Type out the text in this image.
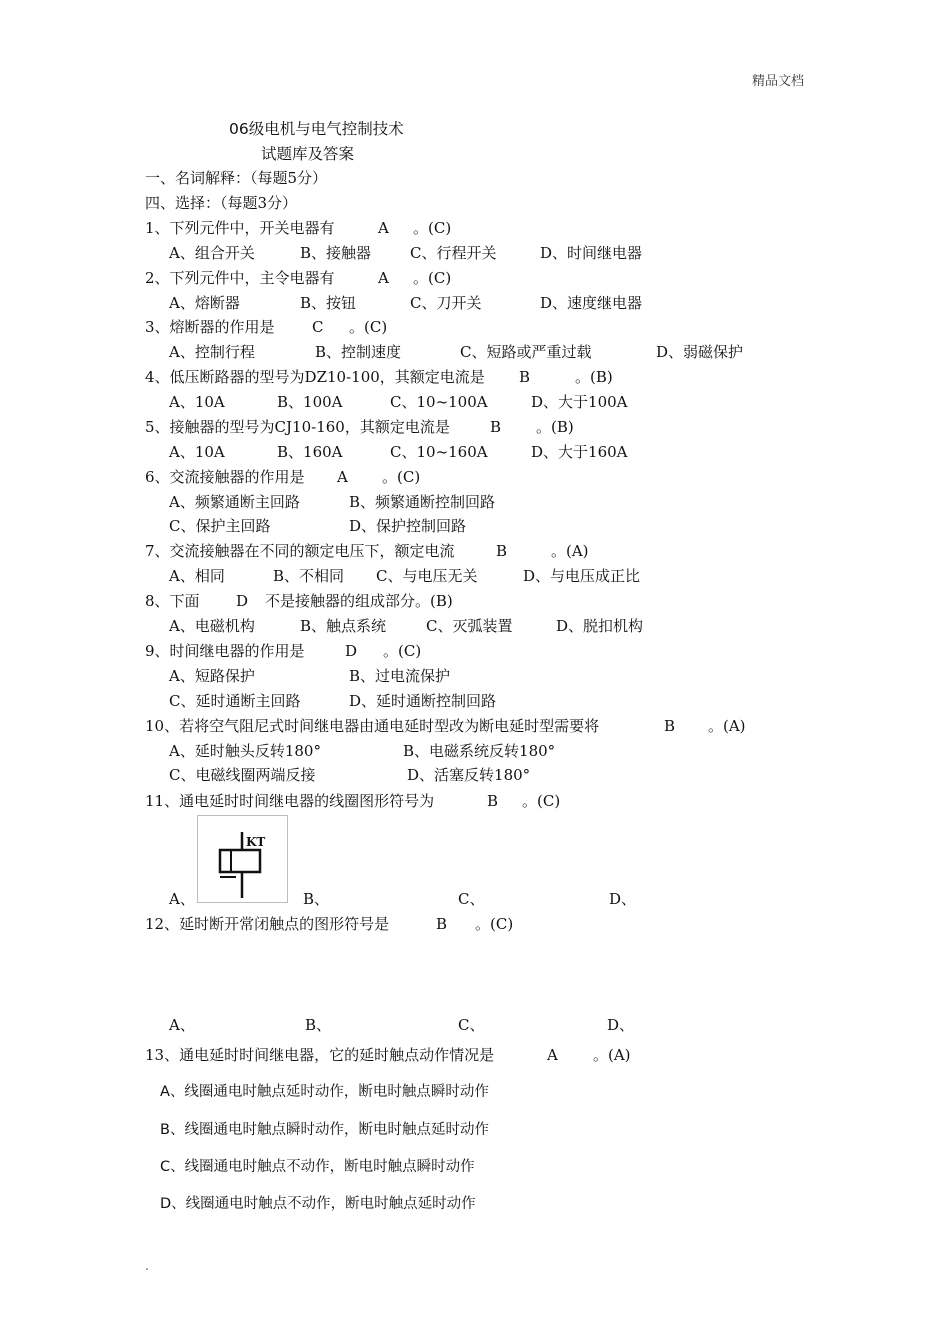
精品文档
06级电机与电气控制技术
试题库及答案
一、名词解释：（每题5分）
四、选择：（每题3分）
1、下列元件中，开关电器有	A 。(C)
A、组合开关	B、接触器	C、行程开关	D、时间继电器
2、下列元件中，主令电器有	A 。(C)
A、熔断器	B、按钮	C、刀开关	D、速度继电器
3、熔断器的作用是 C 。(C)
A、控制行程	B、控制速度	C、短路或严重过载	D、弱磁保护
4、低压断路器的型号为DZ10-100，其额定电流是 B	。(B)
A、10A	B、100A	C、10~100A	D、大于100A
5、接触器的型号为CJ10-160，其额定电流是	B 。(B)
A、10A	B、160A	C、10~160A	D、大于160A
6、交流接触器的作用是 A 。(C)
A、频繁通断主回路	B、频繁通断控制回路
C、保护主回路	D、保护控制回路
7、交流接触器在不同的额定电压下，额定电流	B	。(A)
A、相同	B、不相同 C、与电压无关	D、与电压成正比
8、下面 D 不是接触器的组成部分。(B)
A、电磁机构	B、触点系统	C、灭弧装置	D、脱扣机构
9、时间继电器的作用是	D 。(C)
A、短路保护	B、过电流保护
C、延时通断主回路	D、延时通断控制回路
10、若将空气阻尼式时间继电器由通电延时型改为断电延时型需要将	B 。(A)
A、延时触头反转180°	B、电磁系统反转180°
C、电磁线圈两端反接	D、活塞反转180°
11、通电延时时间继电器的线圈图形符号为	B 。(C)
KT
A、	B、	C、	D、
12、延时断开常闭触点的图形符号是	B 。(C)
A、	B、	C、	D、
13、通电延时时间继电器，它的延时触点动作情况是	A 。(A)
A、线圈通电时触点延时动作，断电时触点瞬时动作
B、线圈通电时触点瞬时动作，断电时触点延时动作
C、线圈通电时触点不动作，断电时触点瞬时动作
D、线圈通电时触点不动作，断电时触点延时动作
.
